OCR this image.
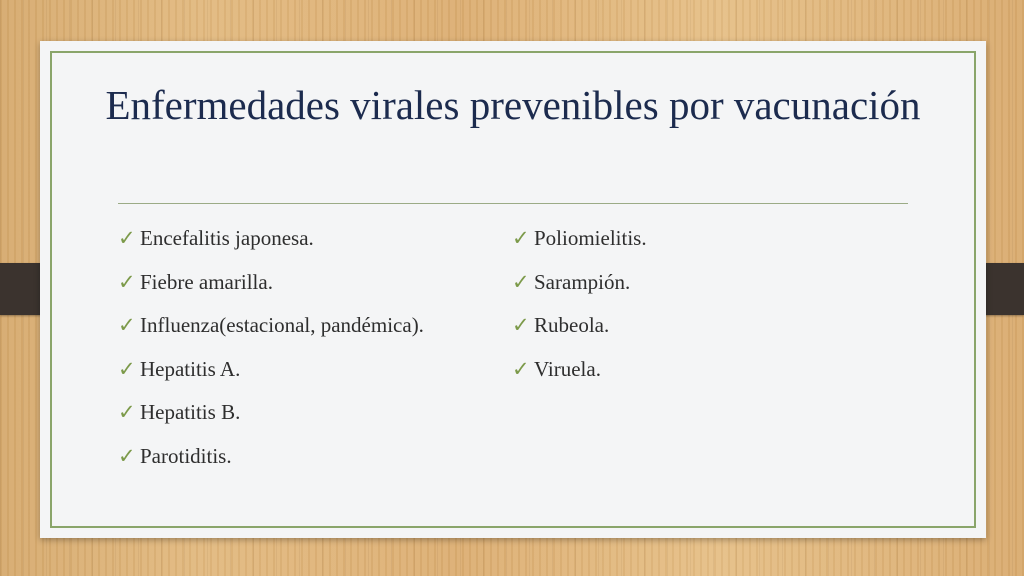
Enfermedades virales prevenibles por vacunación
✓ Encefalitis japonesa.
✓ Fiebre amarilla.
✓ Influenza(estacional, pandémica).
✓ Hepatitis A.
✓ Hepatitis B.
✓ Parotiditis.
✓ Poliomielitis.
✓ Sarampión.
✓ Rubeola.
✓ Viruela.
